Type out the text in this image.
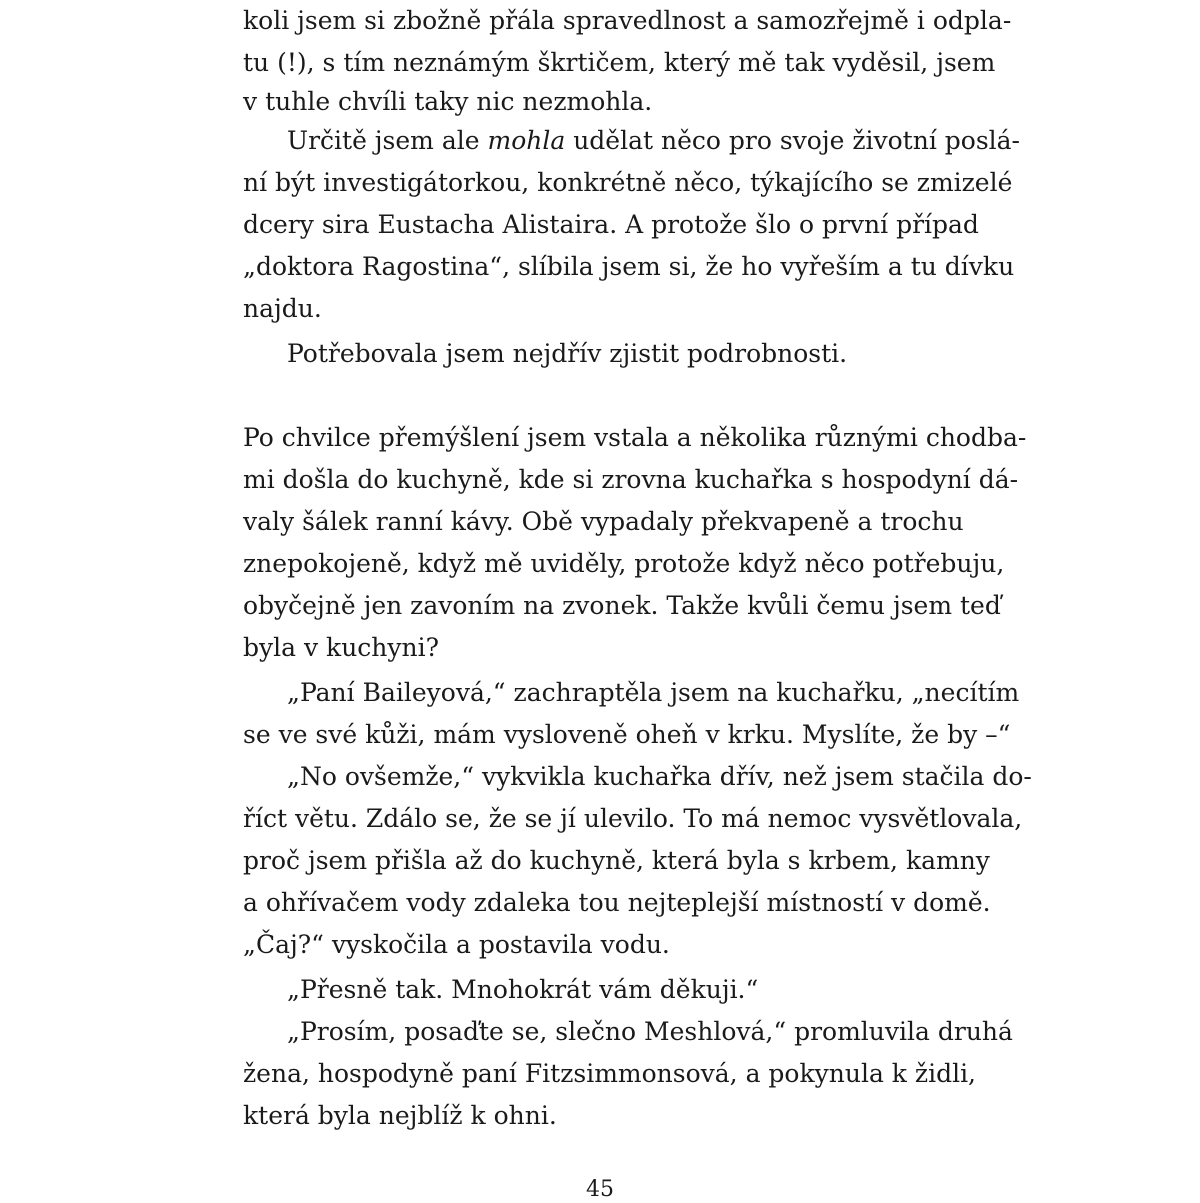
koli jsem si zbožně přála spravedlnost a samozřejmě i odpla-
tu (!), s tím neznámým škrtičem, který mě tak vyděsil, jsem
v tuhle chvíli taky nic nezmohla.
Určitě jsem ale mohla udělat něco pro svoje životní poslá-
ní být investigátorkou, konkrétně něco, týkajícího se zmizelé
dcery sira Eustacha Alistaira. A protože šlo o první případ
„doktora Ragostina“, slíbila jsem si, že ho vyřeším a tu dívku
najdu.
Potřebovala jsem nejdřív zjistit podrobnosti.
Po chvilce přemýšlení jsem vstala a několika různými chodba-
mi došla do kuchyně, kde si zrovna kuchařka s hospodyní dá-
valy šálek ranní kávy. Obě vypadaly překvapeně a trochu
znepokojeně, když mě uviděly, protože když něco potřebuju,
obyčejně jen zavoním na zvonek. Takže kvůli čemu jsem teď
byla v kuchyni?
„Paní Baileyová,“ zachraptěla jsem na kuchařku, „necítím
se ve své kůži, mám vysloveně oheň v krku. Myslíte, že by –“
„No ovšemže,“ vykvikla kuchařka dřív, než jsem stačila do-
říct větu. Zdálo se, že se jí ulevilo. To má nemoc vysvětlovala,
proč jsem přišla až do kuchyně, která byla s krbem, kamny
a ohřívačem vody zdaleka tou nejteplejší místností v domě.
„Čaj?“ vyskočila a postavila vodu.
„Přesně tak. Mnohokrát vám děkuji.“
„Prosím, posaďte se, slečno Meshlová,“ promluvila druhá
žena, hospodyně paní Fitzsimmonsová, a pokynula k židli,
která byla nejblíž k ohni.
45
